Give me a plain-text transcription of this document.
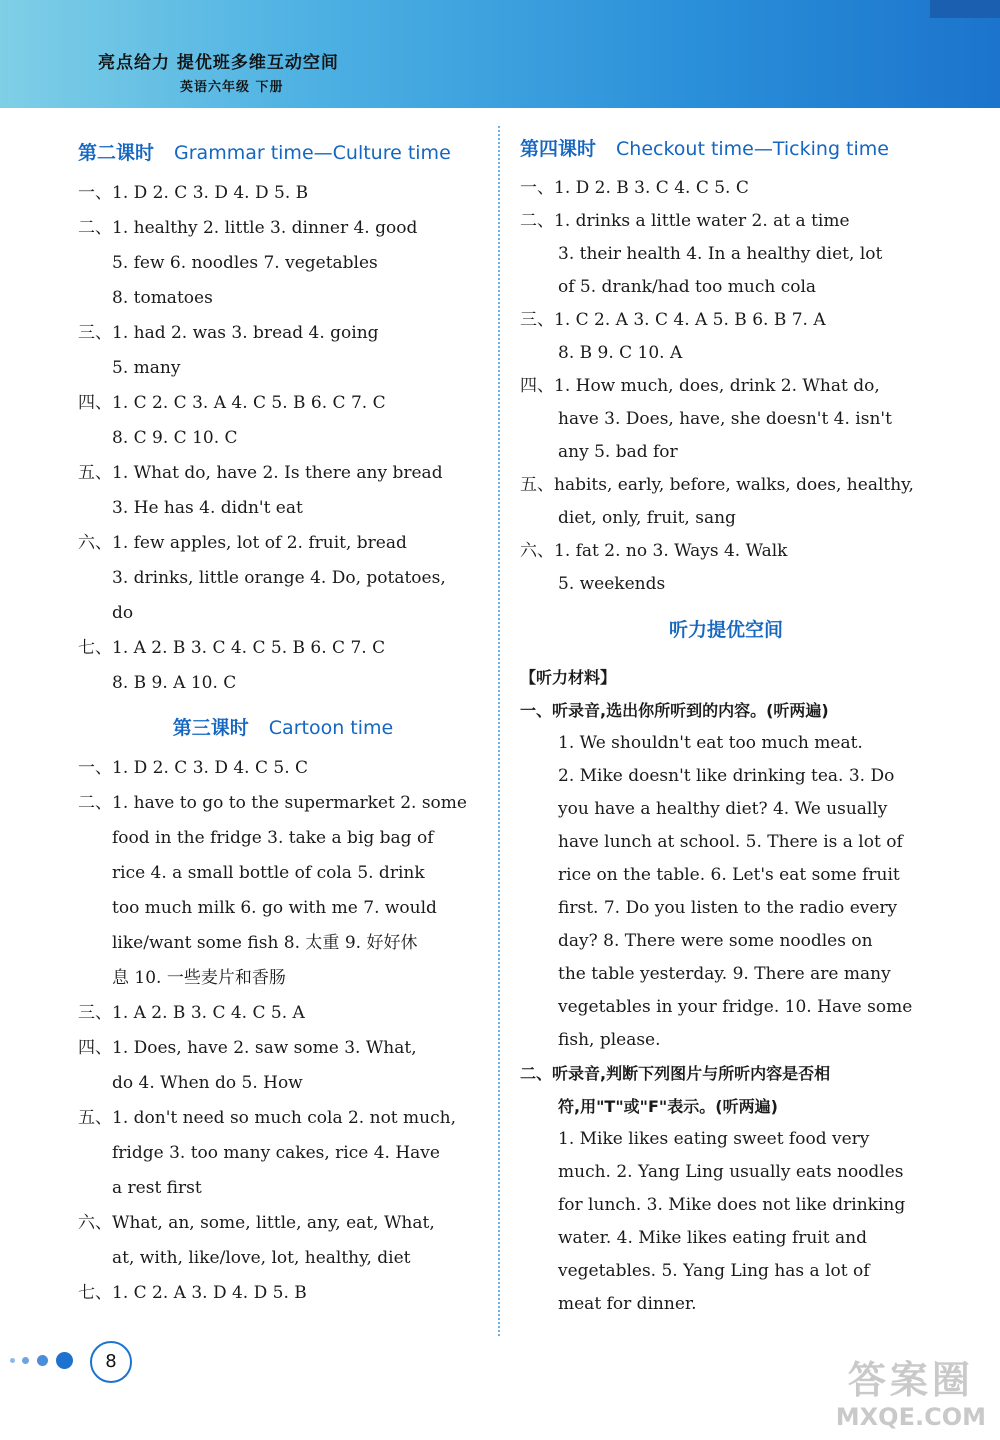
亮点给力 提优班多维互动空间
英语六年级 下册
第二课时 Grammar time—Culture time
一、1. D 2. C 3. D 4. D 5. B
二、1. healthy 2. little 3. dinner 4. good
5. few 6. noodles 7. vegetables
8. tomatoes
三、1. had 2. was 3. bread 4. going
5. many
四、1. C 2. C 3. A 4. C 5. B 6. C 7. C
8. C 9. C 10. C
五、1. What do, have 2. Is there any bread
3. He has 4. didn't eat
六、1. few apples, lot of 2. fruit, bread
3. drinks, little orange 4. Do, potatoes,
do
七、1. A 2. B 3. C 4. C 5. B 6. C 7. C
8. B 9. A 10. C
第三课时 Cartoon time
一、1. D 2. C 3. D 4. C 5. C
二、1. have to go to the supermarket 2. some
food in the fridge 3. take a big bag of
rice 4. a small bottle of cola 5. drink
too much milk 6. go with me 7. would
like/want some fish 8. 太重 9. 好好休
息 10. 一些麦片和香肠
三、1. A 2. B 3. C 4. C 5. A
四、1. Does, have 2. saw some 3. What,
do 4. When do 5. How
五、1. don't need so much cola 2. not much,
fridge 3. too many cakes, rice 4. Have
a rest first
六、What, an, some, little, any, eat, What,
at, with, like/love, lot, healthy, diet
七、1. C 2. A 3. D 4. D 5. B
第四课时 Checkout time—Ticking time
一、1. D 2. B 3. C 4. C 5. C
二、1. drinks a little water 2. at a time
3. their health 4. In a healthy diet, lot
of 5. drank/had too much cola
三、1. C 2. A 3. C 4. A 5. B 6. B 7. A
8. B 9. C 10. A
四、1. How much, does, drink 2. What do,
have 3. Does, have, she doesn't 4. isn't
any 5. bad for
五、habits, early, before, walks, does, healthy,
diet, only, fruit, sang
六、1. fat 2. no 3. Ways 4. Walk
5. weekends
听力提优空间
【听力材料】
一、听录音,选出你所听到的内容。(听两遍)
1. We shouldn't eat too much meat.
2. Mike doesn't like drinking tea. 3. Do
you have a healthy diet? 4. We usually
have lunch at school. 5. There is a lot of
rice on the table. 6. Let's eat some fruit
first. 7. Do you listen to the radio every
day? 8. There were some noodles on
the table yesterday. 9. There are many
vegetables in your fridge. 10. Have some
fish, please.
二、听录音,判断下列图片与所听内容是否相
符,用"T"或"F"表示。(听两遍)
1. Mike likes eating sweet food very
much. 2. Yang Ling usually eats noodles
for lunch. 3. Mike does not like drinking
water. 4. Mike likes eating fruit and
vegetables. 5. Yang Ling has a lot of
meat for dinner.
8	答案圈
MXQE.COM
